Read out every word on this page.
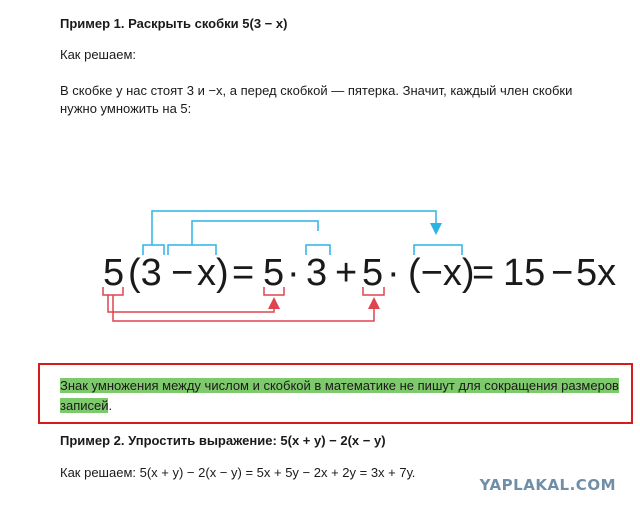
Пример 1. Раскрыть скобки 5(3 − х)
Как решаем:
В скобке у нас стоят 3 и −х, а перед скобкой — пятерка. Значит, каждый член скобки
нужно умножить на 5:
5 (3 − x) = 5 · 3 + 5 · (−x)
= 15 − 5x
Знак умножения между числом и скобкой в математике не пишут для сокращения размеров записей.
Пример 2. Упростить выражение: 5(х + у) − 2(х − у)
Как решаем: 5(х + у) − 2(х − у) = 5х + 5у − 2х + 2у = 3х + 7у.
YAPLAKAL.COM
